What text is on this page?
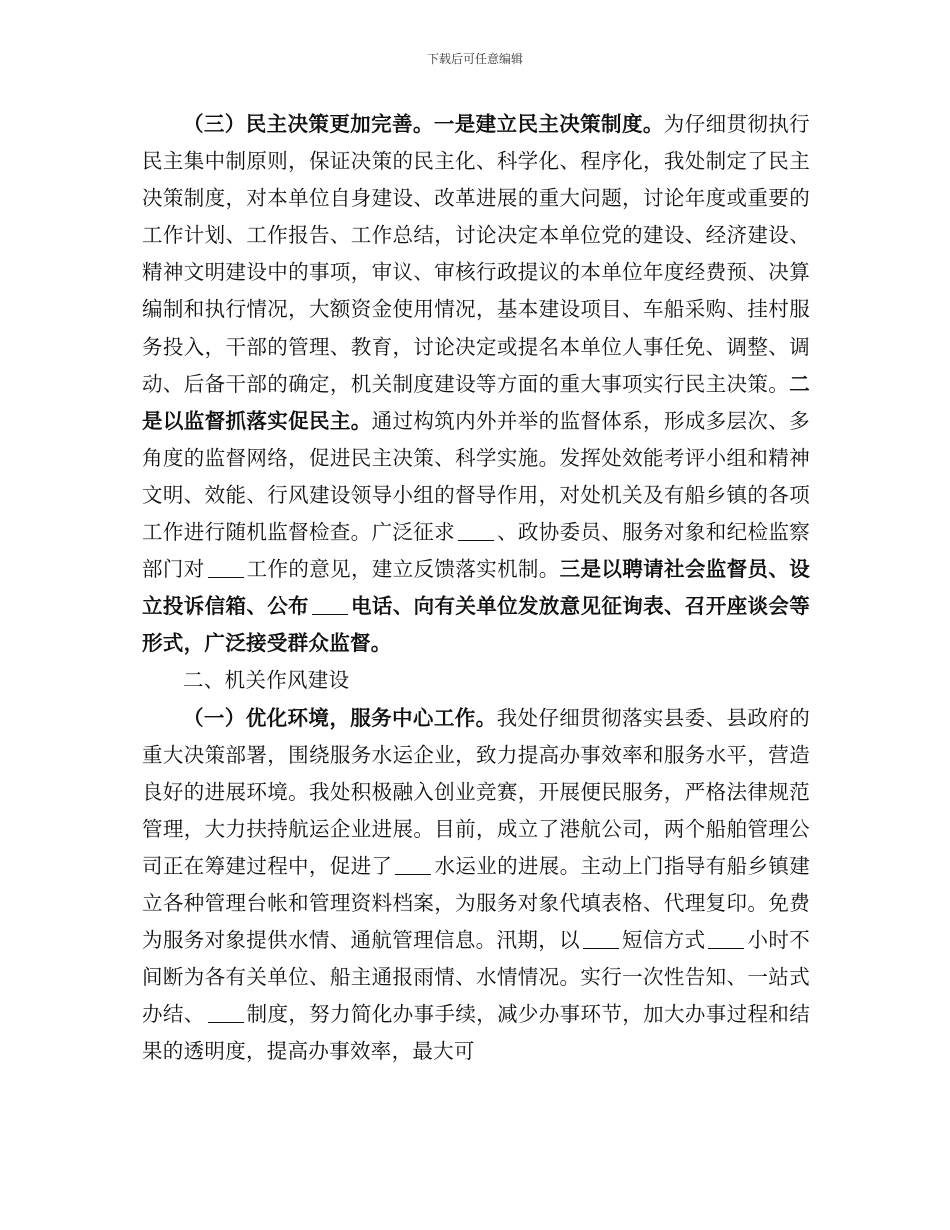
下载后可任意编辑

（三）民主决策更加完善。一是建立民主决策制度。为仔细贯彻执行民主集中制原则，保证决策的民主化、科学化、程序化，我处制定了民主决策制度，对本单位自身建设、改革进展的重大问题，讨论年度或重要的工作计划、工作报告、工作总结，讨论决定本单位党的建设、经济建设、精神文明建设中的事项，审议、审核行政提议的本单位年度经费预、决算编制和执行情况，大额资金使用情况，基本建设项目、车船采购、挂村服务投入，干部的管理、教育，讨论决定或提名本单位人事任免、调整、调动、后备干部的确定，机关制度建设等方面的重大事项实行民主决策。二是以监督抓落实促民主。通过构筑内外并举的监督体系，形成多层次、多角度的监督网络，促进民主决策、科学实施。发挥处效能考评小组和精神文明、效能、行风建设领导小组的督导作用，对处机关及有船乡镇的各项工作进行随机监督检查。广泛征求 、政协委员、服务对象和纪检监察部门对 工作的意见，建立反馈落实机制。三是以聘请社会监督员、设立投诉信箱、公布 电话、向有关单位发放意见征询表、召开座谈会等形式，广泛接受群众监督。

二、机关作风建设

（一）优化环境，服务中心工作。我处仔细贯彻落实县委、县政府的重大决策部署，围绕服务水运企业，致力提高办事效率和服务水平，营造良好的进展环境。我处积极融入创业竞赛，开展便民服务，严格法律规范管理，大力扶持航运企业进展。目前，成立了港航公司，两个船舶管理公司正在筹建过程中，促进了 水运业的进展。主动上门指导有船乡镇建立各种管理台帐和管理资料档案，为服务对象代填表格、代理复印。免费为服务对象提供水情、通航管理信息。汛期，以 短信方式 小时不间断为各有关单位、船主通报雨情、水情情况。实行一次性告知、一站式办结、 制度，努力简化办事手续，减少办事环节，加大办事过程和结果的透明度，提高办事效率，最大可
